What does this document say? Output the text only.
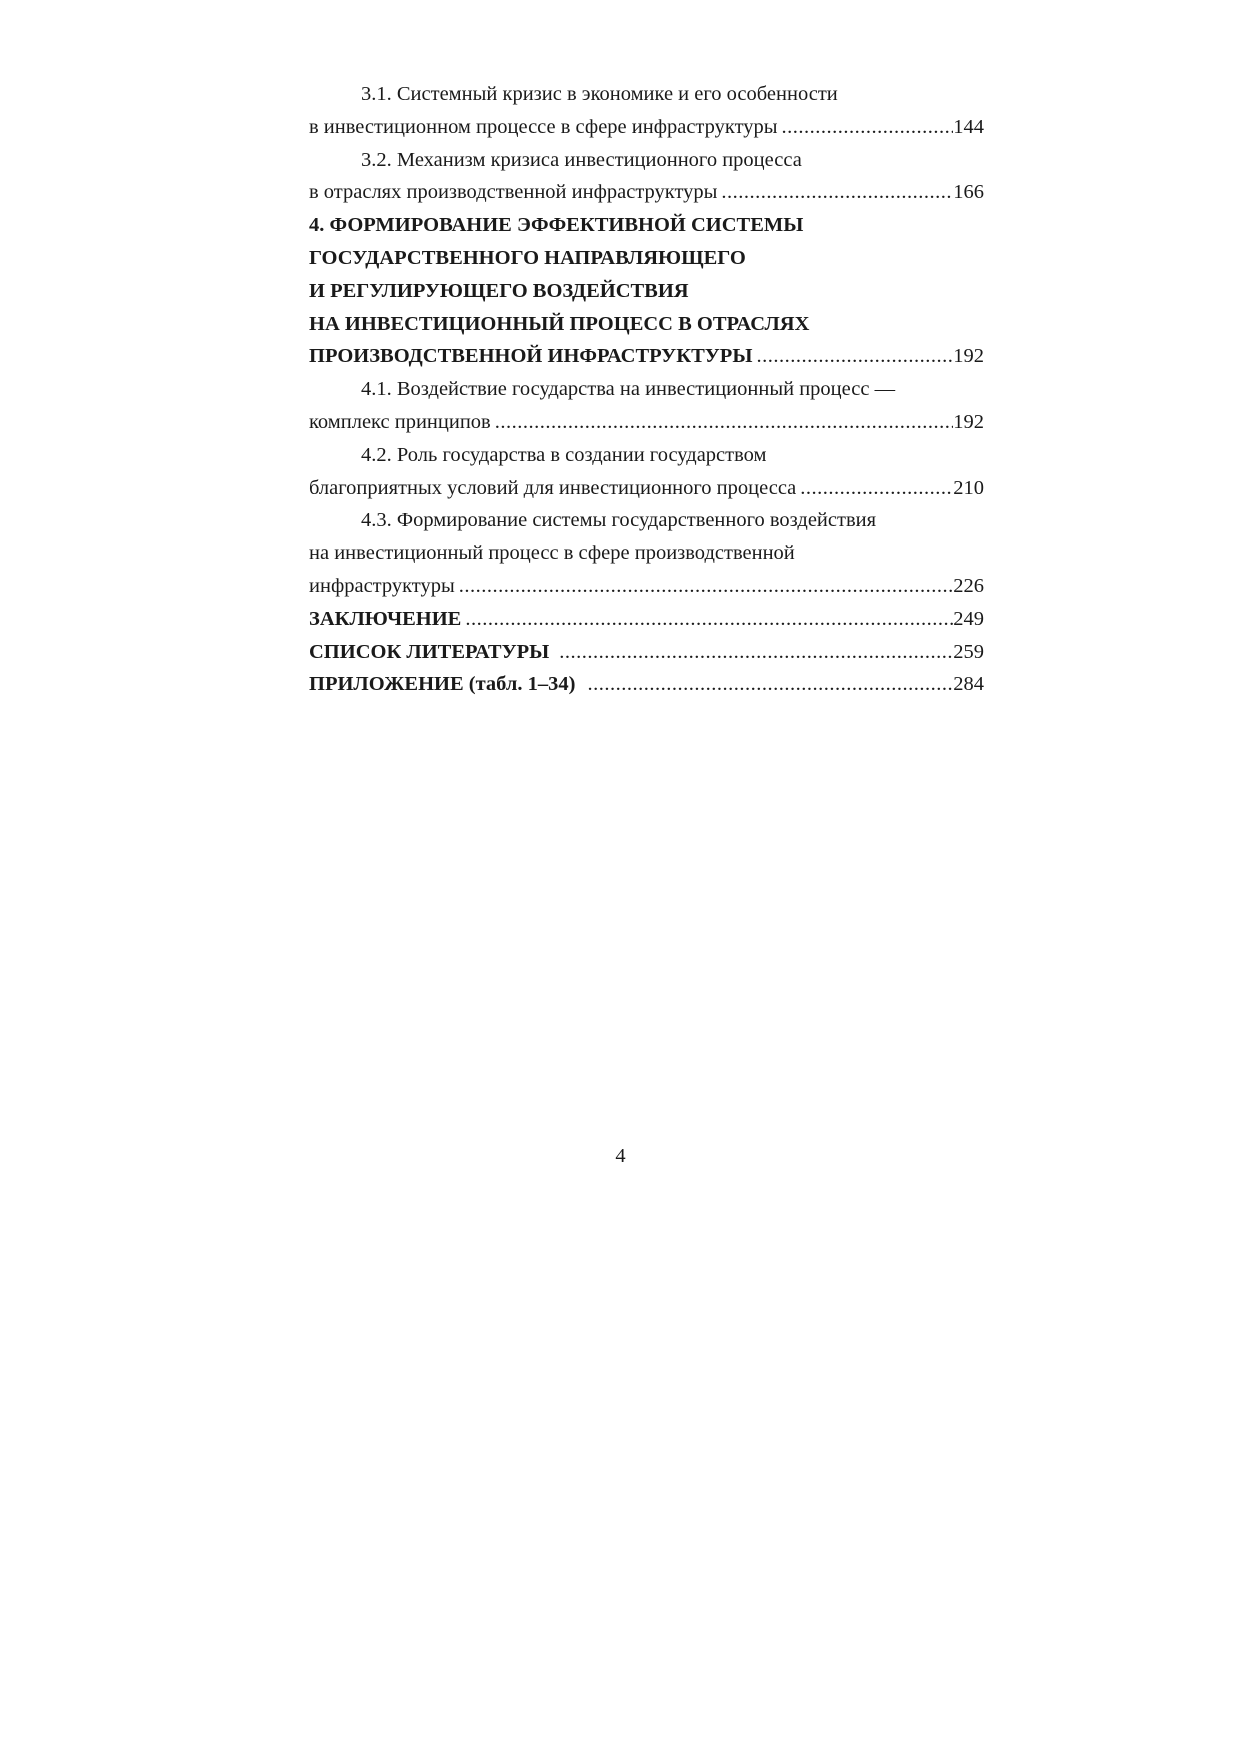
3.1. Системный кризис в экономике и его особенности
в инвестиционном процессе в сфере инфраструктуры .....	144
3.2. Механизм кризиса инвестиционного процесса
в отраслях производственной инфраструктуры .....	166
4. ФОРМИРОВАНИЕ ЭФФЕКТИВНОЙ СИСТЕМЫ
ГОСУДАРСТВЕННОГО НАПРАВЛЯЮЩЕГО
И РЕГУЛИРУЮЩЕГО ВОЗДЕЙСТВИЯ
НА ИНВЕСТИЦИОННЫЙ ПРОЦЕСС В ОТРАСЛЯХ
ПРОИЗВОДСТВЕННОЙ ИНФРАСТРУКТУРЫ .....	192
4.1. Воздействие государства на инвестиционный процесс —
комплекс принципов .....	192
4.2. Роль государства в создании государством
благоприятных условий для инвестиционного процесса .....	210
4.3. Формирование системы государственного воздействия
на инвестиционный процесс в сфере производственной
инфраструктуры .....	226
ЗАКЛЮЧЕНИЕ .....	249
СПИСОК ЛИТЕРАТУРЫ .....	259
ПРИЛОЖЕНИЕ (табл. 1–34) .....	284
4
